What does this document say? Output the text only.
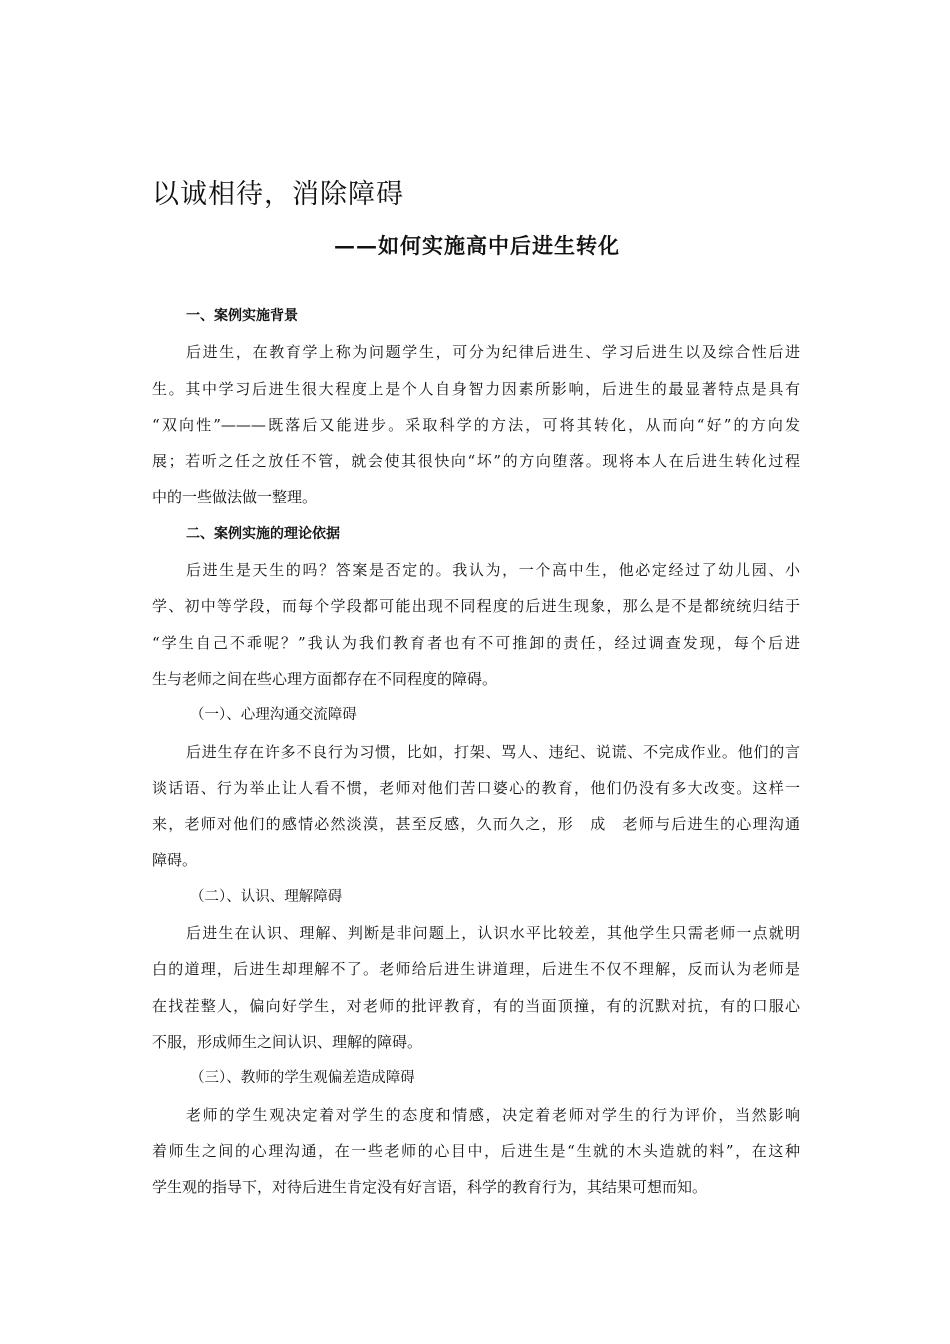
以诚相待，消除障碍
——如何实施高中后进生转化
一、案例实施背景
后进生，在教育学上称为问题学生，可分为纪律后进生、学习后进生以及综合性后进
生。其中学习后进生很大程度上是个人自身智力因素所影响，后进生的最显著特点是具有
“双向性”———既落后又能进步。采取科学的方法，可将其转化，从而向“好”的方向发
展；若听之任之放任不管，就会使其很快向“坏”的方向堕落。现将本人在后进生转化过程
中的一些做法做一整理。
二、案例实施的理论依据
后进生是天生的吗？答案是否定的。我认为，一个高中生，他必定经过了幼儿园、小
学、初中等学段，而每个学段都可能出现不同程度的后进生现象，那么是不是都统统归结于
“学生自己不乖呢？”我认为我们教育者也有不可推卸的责任，经过调查发现，每个后进
生与老师之间在些心理方面都存在不同程度的障碍。
（一）、心理沟通交流障碍
后进生存在许多不良行为习惯，比如，打架、骂人、违纪、说谎、不完成作业。他们的言
谈话语、行为举止让人看不惯，老师对他们苦口婆心的教育，他们仍没有多大改变。这样一
来，老师对他们的感情必然淡漠，甚至反感，久而久之，形　成　老师与后进生的心理沟通
障碍。
（二）、认识、理解障碍
后进生在认识、理解、判断是非问题上，认识水平比较差，其他学生只需老师一点就明
白的道理，后进生却理解不了。老师给后进生讲道理，后进生不仅不理解，反而认为老师是
在找茬整人，偏向好学生，对老师的批评教育，有的当面顶撞，有的沉默对抗，有的口服心
不服，形成师生之间认识、理解的障碍。
（三）、教师的学生观偏差造成障碍
老师的学生观决定着对学生的态度和情感，决定着老师对学生的行为评价，当然影响
着师生之间的心理沟通，在一些老师的心目中，后进生是“生就的木头造就的料”，在这种
学生观的指导下，对待后进生肯定没有好言语，科学的教育行为，其结果可想而知。
